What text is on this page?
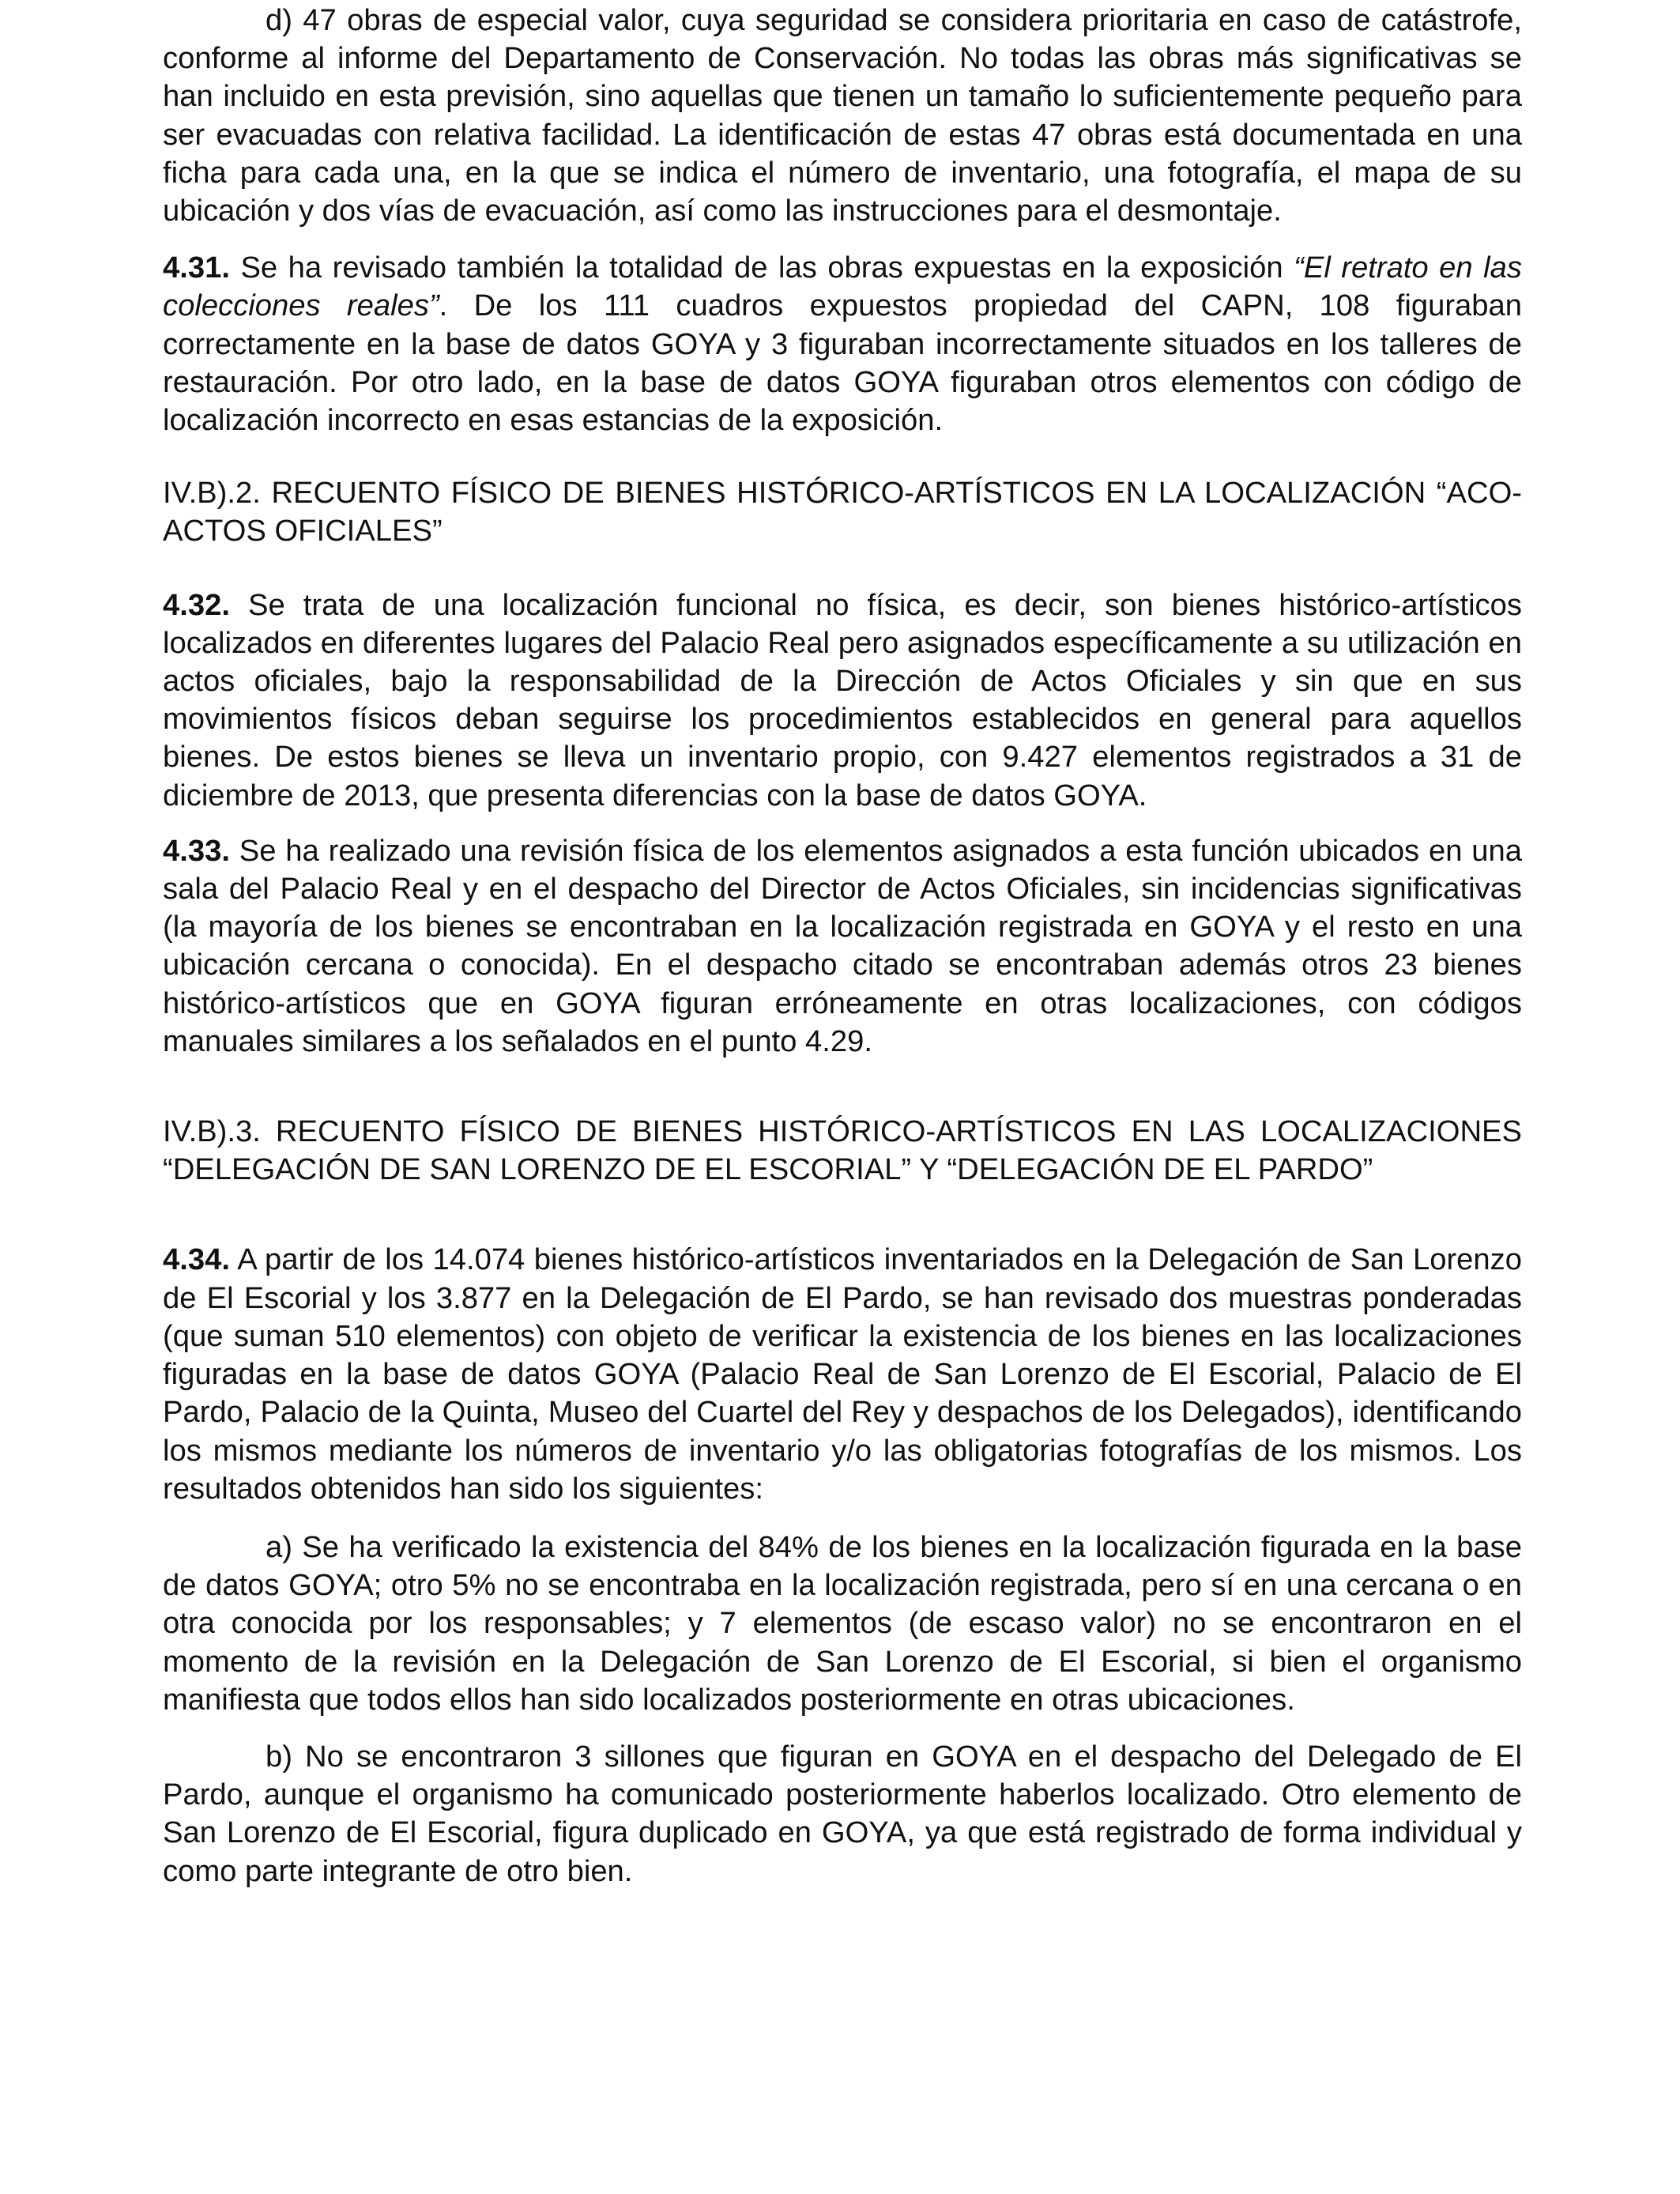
d) 47 obras de especial valor, cuya seguridad se considera prioritaria en caso de catástrofe, conforme al informe del Departamento de Conservación. No todas las obras más significativas se han incluido en esta previsión, sino aquellas que tienen un tamaño lo suficientemente pequeño para ser evacuadas con relativa facilidad. La identificación de estas 47 obras está documentada en una ficha para cada una, en la que se indica el número de inventario, una fotografía, el mapa de su ubicación y dos vías de evacuación, así como las instrucciones para el desmontaje.

4.31. Se ha revisado también la totalidad de las obras expuestas en la exposición “El retrato en las colecciones reales”. De los 111 cuadros expuestos propiedad del CAPN, 108 figuraban correctamente en la base de datos GOYA y 3 figuraban incorrectamente situados en los talleres de restauración. Por otro lado, en la base de datos GOYA figuraban otros elementos con código de localización incorrecto en esas estancias de la exposición.

IV.B).2. RECUENTO FÍSICO DE BIENES HISTÓRICO-ARTÍSTICOS EN LA LOCALIZACIÓN “ACO-ACTOS OFICIALES”

4.32. Se trata de una localización funcional no física, es decir, son bienes histórico-artísticos localizados en diferentes lugares del Palacio Real pero asignados específicamente a su utilización en actos oficiales, bajo la responsabilidad de la Dirección de Actos Oficiales y sin que en sus movimientos físicos deban seguirse los procedimientos establecidos en general para aquellos bienes. De estos bienes se lleva un inventario propio, con 9.427 elementos registrados a 31 de diciembre de 2013, que presenta diferencias con la base de datos GOYA.

4.33. Se ha realizado una revisión física de los elementos asignados a esta función ubicados en una sala del Palacio Real y en el despacho del Director de Actos Oficiales, sin incidencias significativas (la mayoría de los bienes se encontraban en la localización registrada en GOYA y el resto en una ubicación cercana o conocida). En el despacho citado se encontraban además otros 23 bienes histórico-artísticos que en GOYA figuran erróneamente en otras localizaciones, con códigos manuales similares a los señalados en el punto 4.29.

IV.B).3. RECUENTO FÍSICO DE BIENES HISTÓRICO-ARTÍSTICOS EN LAS LOCALIZACIONES “DELEGACIÓN DE SAN LORENZO DE EL ESCORIAL” Y “DELEGACIÓN DE EL PARDO”

4.34. A partir de los 14.074 bienes histórico-artísticos inventariados en la Delegación de San Lorenzo de El Escorial y los 3.877 en la Delegación de El Pardo, se han revisado dos muestras ponderadas (que suman 510 elementos) con objeto de verificar la existencia de los bienes en las localizaciones figuradas en la base de datos GOYA (Palacio Real de San Lorenzo de El Escorial, Palacio de El Pardo, Palacio de la Quinta, Museo del Cuartel del Rey y despachos de los Delegados), identificando los mismos mediante los números de inventario y/o las obligatorias fotografías de los mismos. Los resultados obtenidos han sido los siguientes:

a) Se ha verificado la existencia del 84% de los bienes en la localización figurada en la base de datos GOYA; otro 5% no se encontraba en la localización registrada, pero sí en una cercana o en otra conocida por los responsables; y 7 elementos (de escaso valor) no se encontraron en el momento de la revisión en la Delegación de San Lorenzo de El Escorial, si bien el organismo manifiesta que todos ellos han sido localizados posteriormente en otras ubicaciones.

b) No se encontraron 3 sillones que figuran en GOYA en el despacho del Delegado de El Pardo, aunque el organismo ha comunicado posteriormente haberlos localizado. Otro elemento de San Lorenzo de El Escorial, figura duplicado en GOYA, ya que está registrado de forma individual y como parte integrante de otro bien.
